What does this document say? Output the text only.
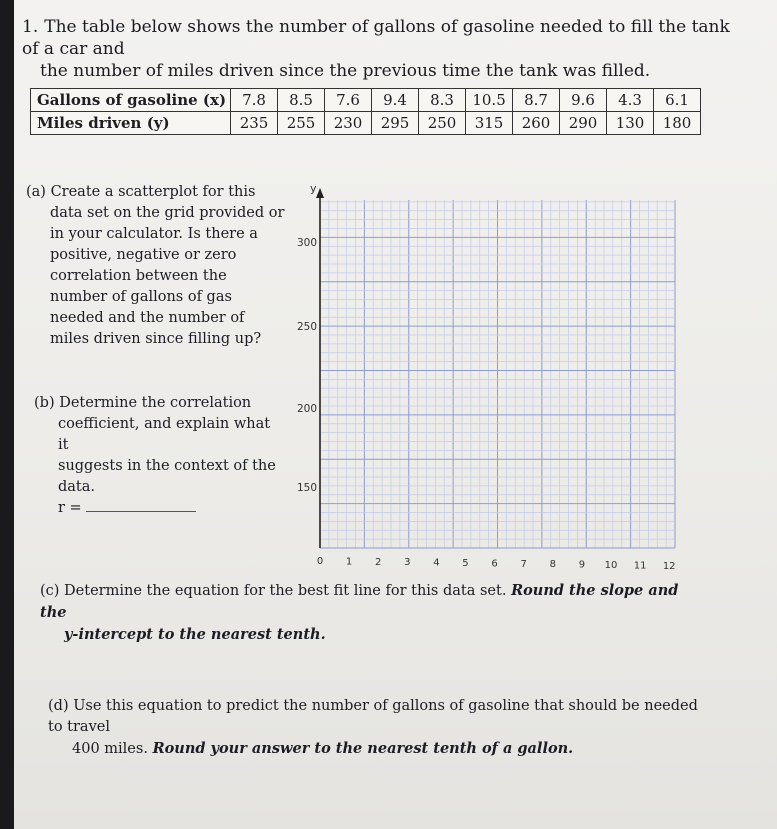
1. The table below shows the number of gallons of gasoline needed to fill the tank of a car and
the number of miles driven since the previous time the tank was filled.
Gallons of gasoline (x)	7.8	8.5	7.6	9.4	8.3	10.5	8.7	9.6	4.3	6.1
Miles driven (y)	235	255	230	295	250	315	260	290	130	180
(a) Create a scatterplot for this
data set on the grid provided or
in your calculator. Is there a
positive, negative or zero
correlation between the
number of gallons of gas
needed and the number of
miles driven since filling up?
(b) Determine the correlation
coefficient, and explain what it
suggests in the context of the
data.
r =
y
300
250
200
150
0 1 2 3 4 5 6 7 8 9 10 11 12
(c) Determine the equation for the best fit line for this data set. Round the slope and the
y-intercept to the nearest tenth.
(d) Use this equation to predict the number of gallons of gasoline that should be needed to travel
400 miles. Round your answer to the nearest tenth of a gallon.
